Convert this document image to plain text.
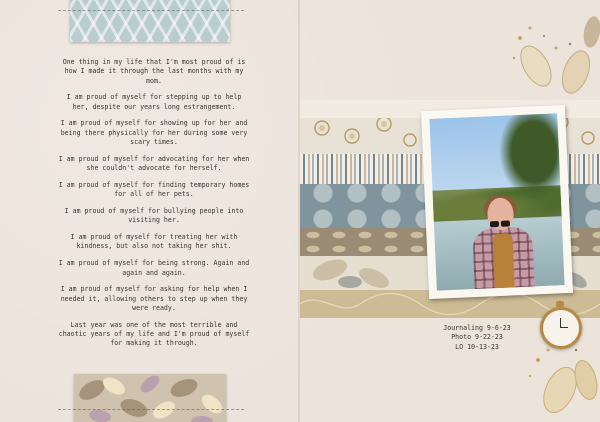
One thing in my life that I'm most proud of is how I made it through the last months with my mom.

I am proud of myself for stepping up to help her, despite our years long estrangement.

I am proud of myself for showing up for her and being there physically for her during some very scary times.

I am proud of myself for advocating for her when she couldn't advocate for herself.

I am proud of myself for finding temporary homes for all of her pets.

I am proud of myself for bullying people into visiting her.

I am proud of myself for treating her with kindness, but also not taking her shit.

I am proud of myself for being strong. Again and again and again.

I am proud of myself for asking for help when I needed it, allowing others to step up when they were ready.

Last year was one of the most terrible and chaotic years of my life and I'm proud of myself for making it through.

Journaling 9-6-23
Photo 9-22-23
LO 10-13-23
